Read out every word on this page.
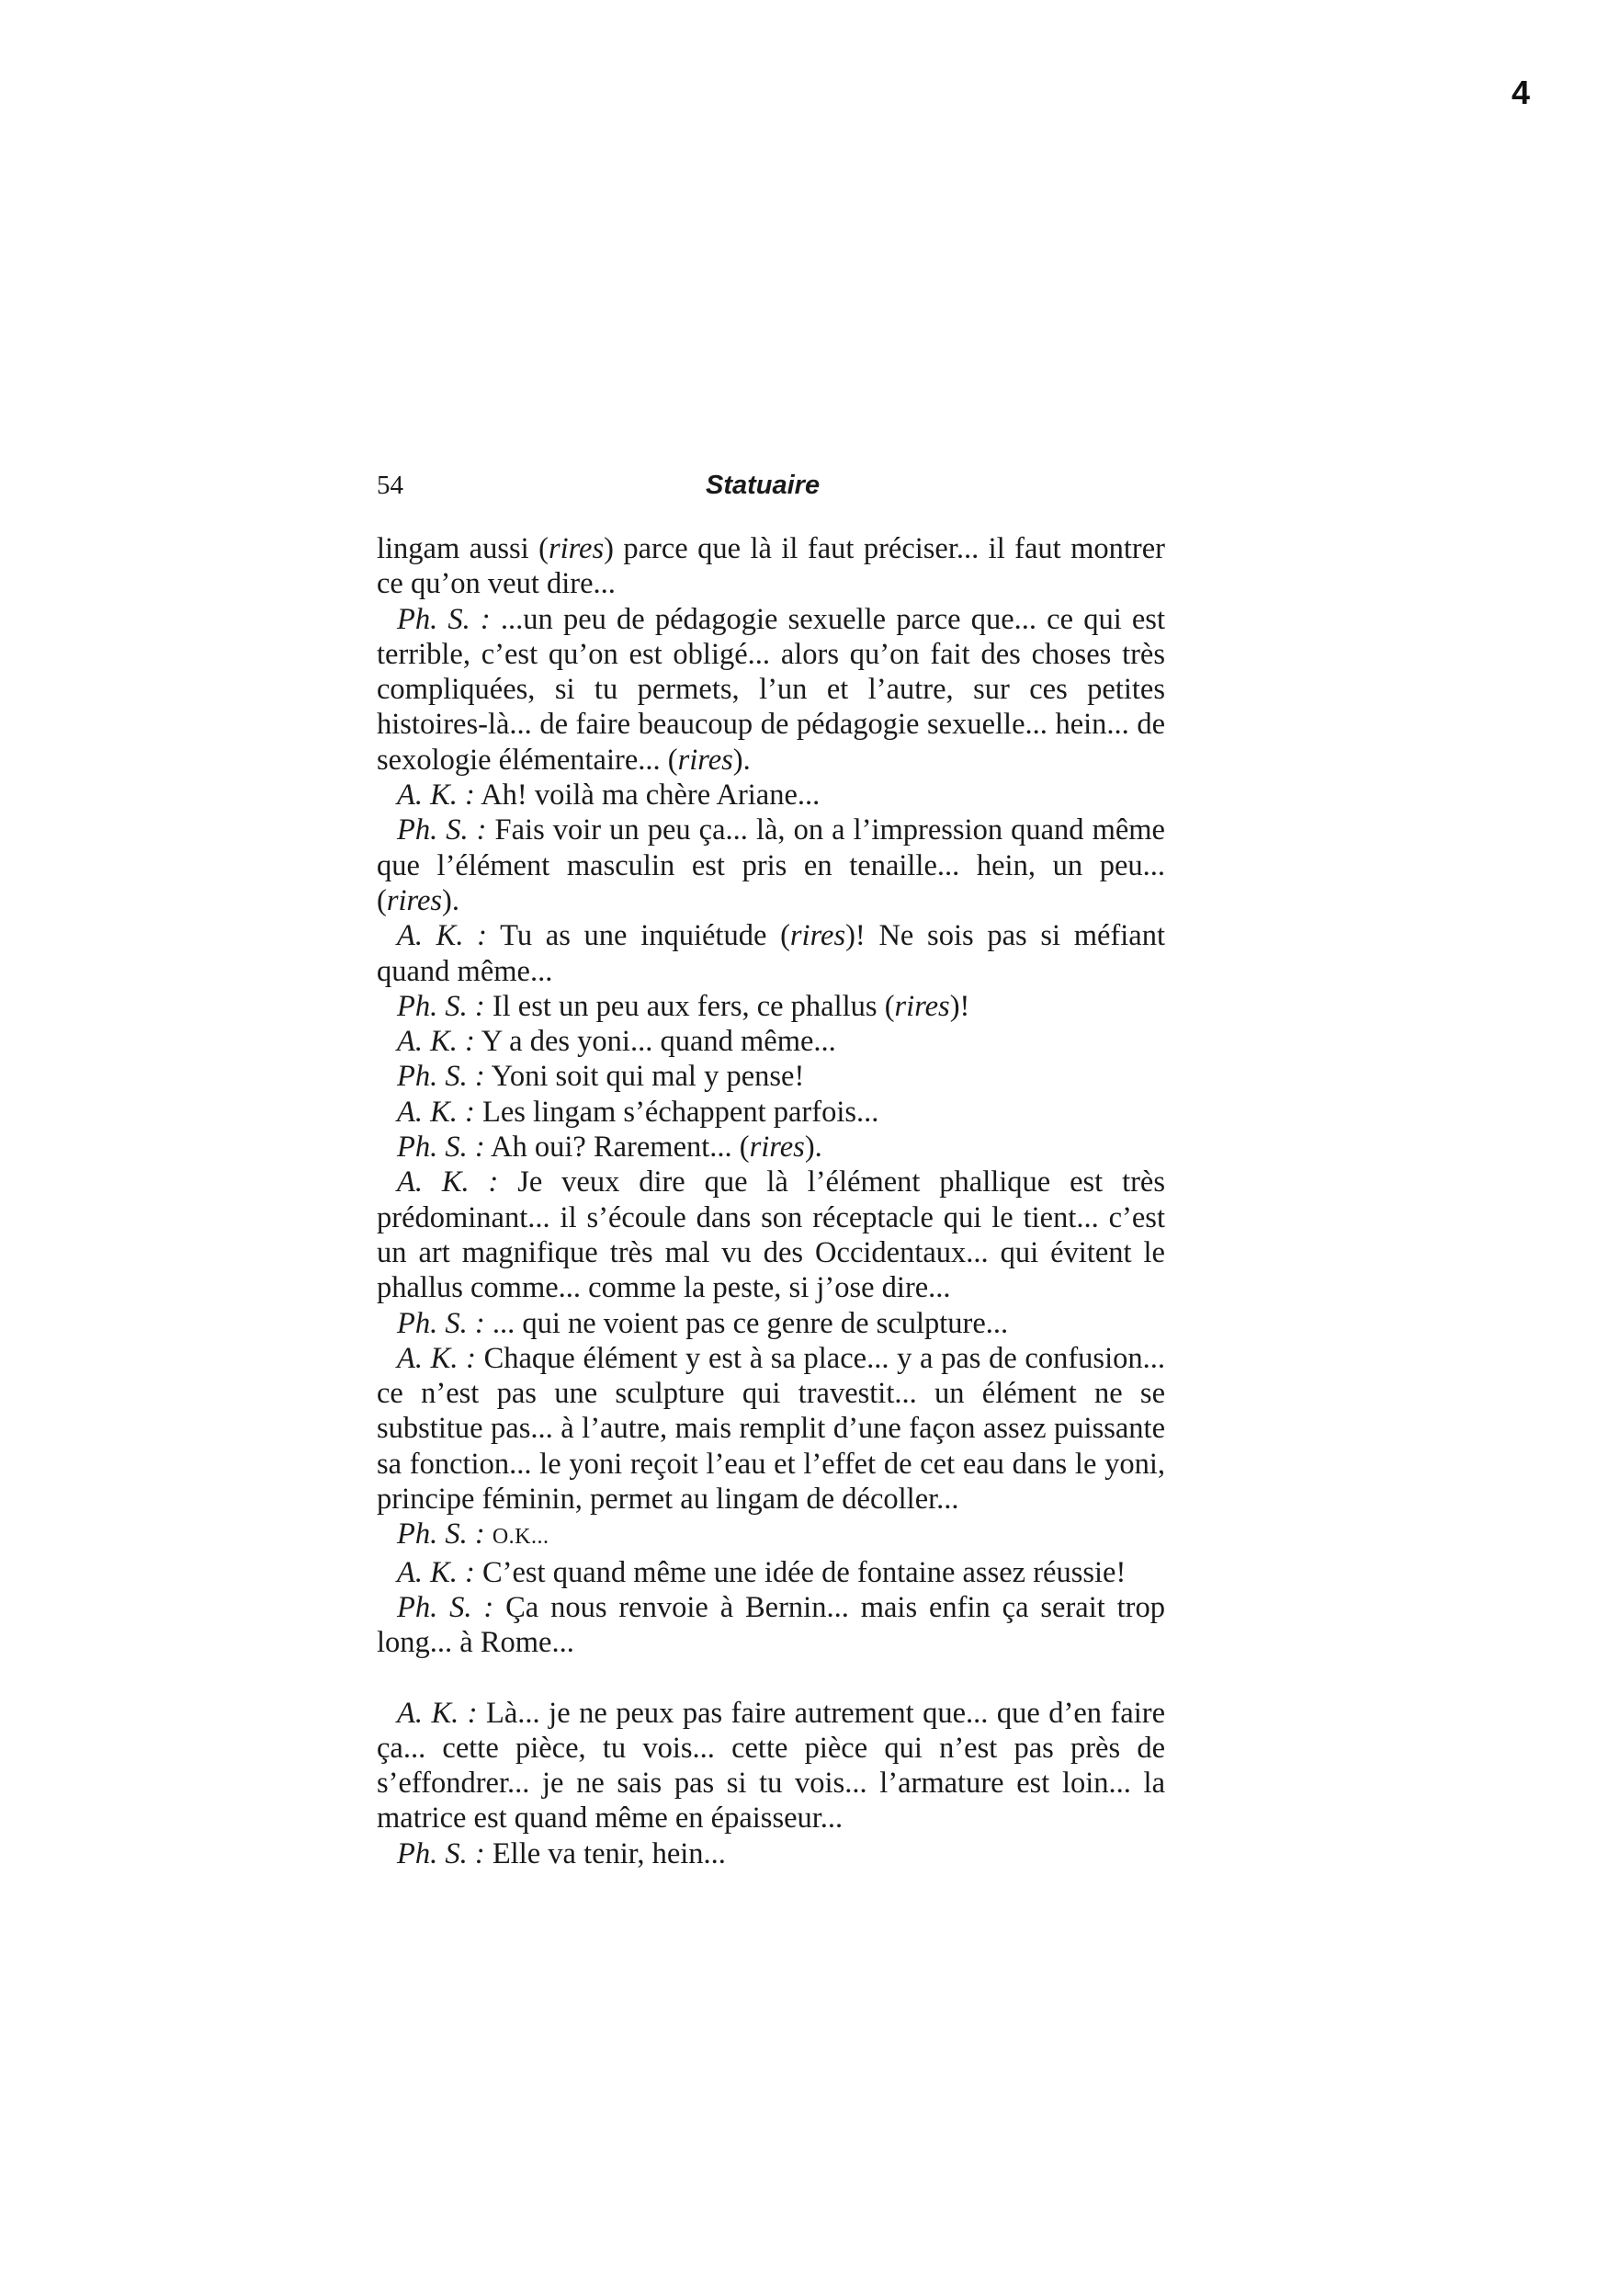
4
54	Statuaire

lingam aussi (rires) parce que là il faut préciser... il faut montrer ce qu’on veut dire...

Ph. S. : ...un peu de pédagogie sexuelle parce que... ce qui est terrible, c’est qu’on est obligé... alors qu’on fait des choses très compliquées, si tu permets, l’un et l’autre, sur ces petites histoires-là... de faire beaucoup de pédagogie sexuelle... hein... de sexologie élémentaire... (rires).

A. K. : Ah! voilà ma chère Ariane...

Ph. S. : Fais voir un peu ça... là, on a l’impression quand même que l’élément masculin est pris en tenaille... hein, un peu... (rires).

A. K. : Tu as une inquiétude (rires)! Ne sois pas si méfiant quand même...

Ph. S. : Il est un peu aux fers, ce phallus (rires)!

A. K. : Y a des yoni... quand même...

Ph. S. : Yoni soit qui mal y pense!

A. K. : Les lingam s’échappent parfois...

Ph. S. : Ah oui? Rarement... (rires).

A. K. : Je veux dire que là l’élément phallique est très prédominant... il s’écoule dans son réceptacle qui le tient... c’est un art magnifique très mal vu des Occidentaux... qui évitent le phallus comme... comme la peste, si j’ose dire...

Ph. S. : ... qui ne voient pas ce genre de sculpture...

A. K. : Chaque élément y est à sa place... y a pas de confusion... ce n’est pas une sculpture qui travestit... un élément ne se substitue pas... à l’autre, mais remplit d’une façon assez puissante sa fonction... le yoni reçoit l’eau et l’effet de cet eau dans le yoni, principe féminin, permet au lingam de décoller...

Ph. S. : O.K...

A. K. : C’est quand même une idée de fontaine assez réussie!

Ph. S. : Ça nous renvoie à Bernin... mais enfin ça serait trop long... à Rome...

A. K. : Là... je ne peux pas faire autrement que... que d’en faire ça... cette pièce, tu vois... cette pièce qui n’est pas près de s’effondrer... je ne sais pas si tu vois... l’armature est loin... la matrice est quand même en épaisseur...

Ph. S. : Elle va tenir, hein...
